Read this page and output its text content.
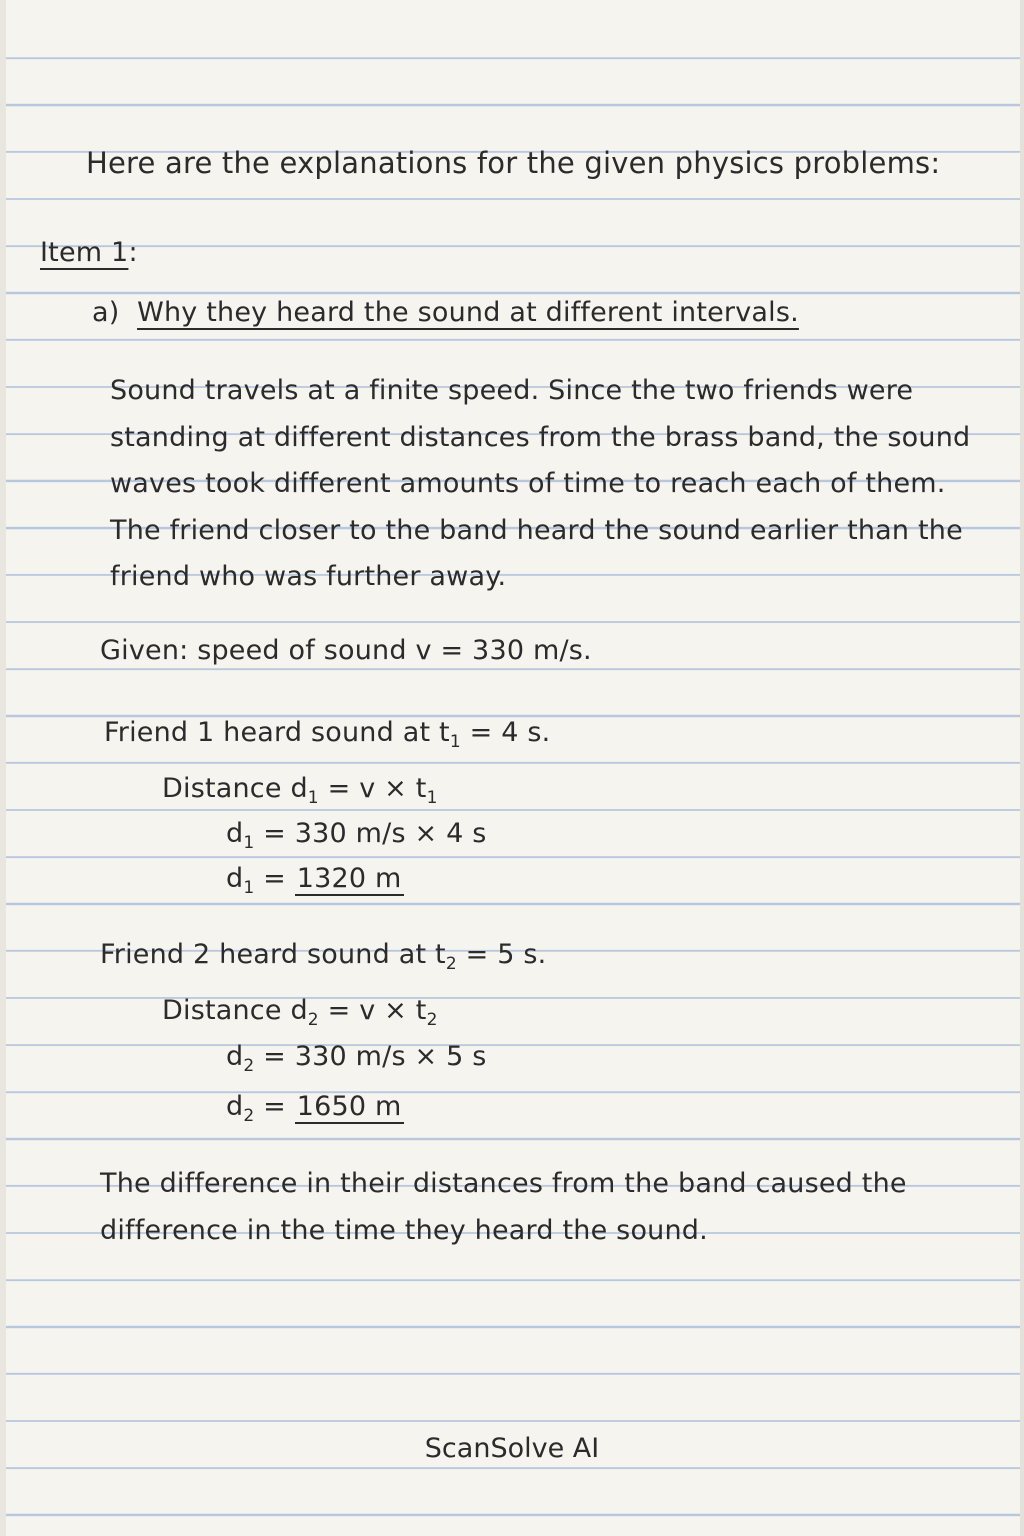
Here are the explanations for the given physics problems:
Item 1:
a) Why they heard the sound at different intervals.
Sound travels at a finite speed. Since the two friends were
standing at different distances from the brass band, the sound
waves took different amounts of time to reach each of them.
The friend closer to the band heard the sound earlier than the
friend who was further away.
Given: speed of sound v = 330 m/s.
Friend 1 heard sound at $t_1 = 4$ s.
Distance $d_1 = v \times t_1$
$d_1 = 330$ m/s × 4 s
$d_1 = 1320$ m
Friend 2 heard sound at $t_2 = 5$ s.
Distance $d_2 = v \times t_2$
$d_2 = 330$ m/s × 5 s
$d_2 = 1650$ m
The difference in their distances from the band caused the
difference in the time they heard the sound.
ScanSolve AI
